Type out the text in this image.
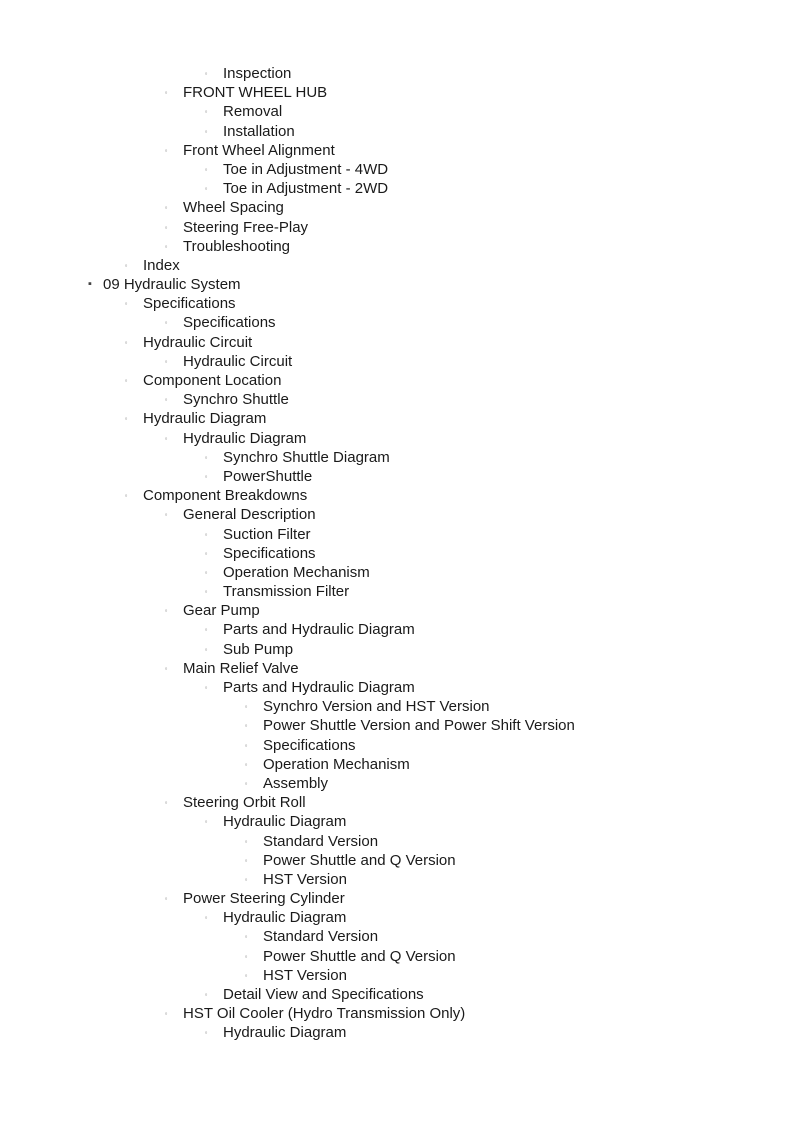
◦	Inspection
◦	FRONT WHEEL HUB
◦	Removal
◦	Installation
◦	Front Wheel Alignment
◦	Toe in Adjustment - 4WD
◦	Toe in Adjustment - 2WD
◦	Wheel Spacing
◦	Steering Free-Play
◦	Troubleshooting
◦	Index
▪ 09 Hydraulic System
◦	Specifications
◦	Specifications
◦	Hydraulic Circuit
◦	Hydraulic Circuit
◦	Component Location
◦	Synchro Shuttle
◦	Hydraulic Diagram
◦	Hydraulic Diagram
◦	Synchro Shuttle Diagram
◦	PowerShuttle
◦	Component Breakdowns
◦	General Description
◦	Suction Filter
◦	Specifications
◦	Operation Mechanism
◦	Transmission Filter
◦	Gear Pump
◦	Parts and Hydraulic Diagram
◦	Sub Pump
◦	Main Relief Valve
◦	Parts and Hydraulic Diagram
◦	Synchro Version and HST Version
◦	Power Shuttle Version and Power Shift Version
◦	Specifications
◦	Operation Mechanism
◦	Assembly
◦	Steering Orbit Roll
◦	Hydraulic Diagram
◦	Standard Version
◦	Power Shuttle and Q Version
◦	HST Version
◦	Power Steering Cylinder
◦	Hydraulic Diagram
◦	Standard Version
◦	Power Shuttle and Q Version
◦	HST Version
◦	Detail View and Specifications
◦	HST Oil Cooler (Hydro Transmission Only)
◦	Hydraulic Diagram
